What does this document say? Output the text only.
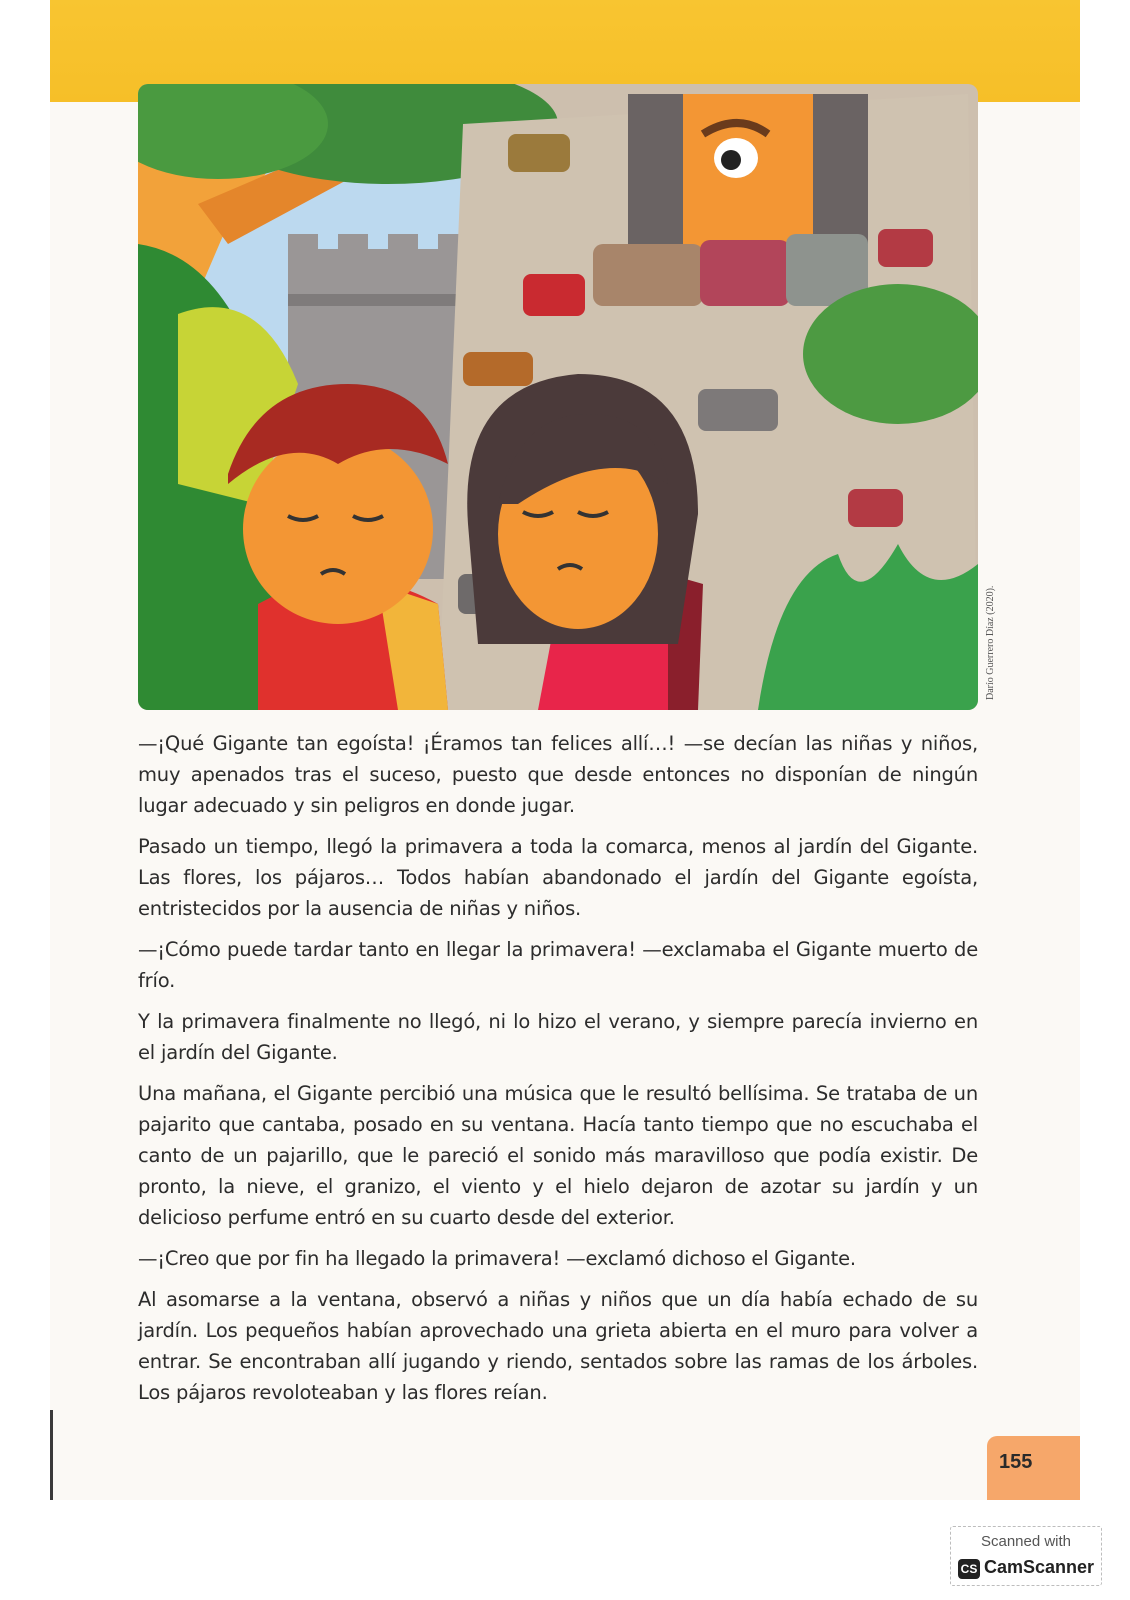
Darío Guerrero Díaz (2020).

—¡Qué Gigante tan egoísta! ¡Éramos tan felices allí…! —se decían las niñas y niños, muy apenados tras el suceso, puesto que desde entonces no disponían de ningún lugar adecuado y sin peligros en donde jugar.

Pasado un tiempo, llegó la primavera a toda la comarca, menos al jardín del Gigante. Las flores, los pájaros… Todos habían abandonado el jardín del Gigante egoísta, entristecidos por la ausencia de niñas y niños.

—¡Cómo puede tardar tanto en llegar la primavera! —exclamaba el Gigante muerto de frío.

Y la primavera finalmente no llegó, ni lo hizo el verano, y siempre parecía invierno en el jardín del Gigante.

Una mañana, el Gigante percibió una música que le resultó bellísima. Se trataba de un pajarito que cantaba, posado en su ventana. Hacía tanto tiempo que no escuchaba el canto de un pajarillo, que le pareció el sonido más maravilloso que podía existir. De pronto, la nieve, el granizo, el viento y el hielo dejaron de azotar su jardín y un delicioso perfume entró en su cuarto desde del exterior.

—¡Creo que por fin ha llegado la primavera! —exclamó dichoso el Gigante.

Al asomarse a la ventana, observó a niñas y niños que un día había echado de su jardín. Los pequeños habían aprovechado una grieta abierta en el muro para volver a entrar. Se encontraban allí jugando y riendo, sentados sobre las ramas de los árboles. Los pájaros revoloteaban y las flores reían.

155
Scanned with
CS CamScanner
